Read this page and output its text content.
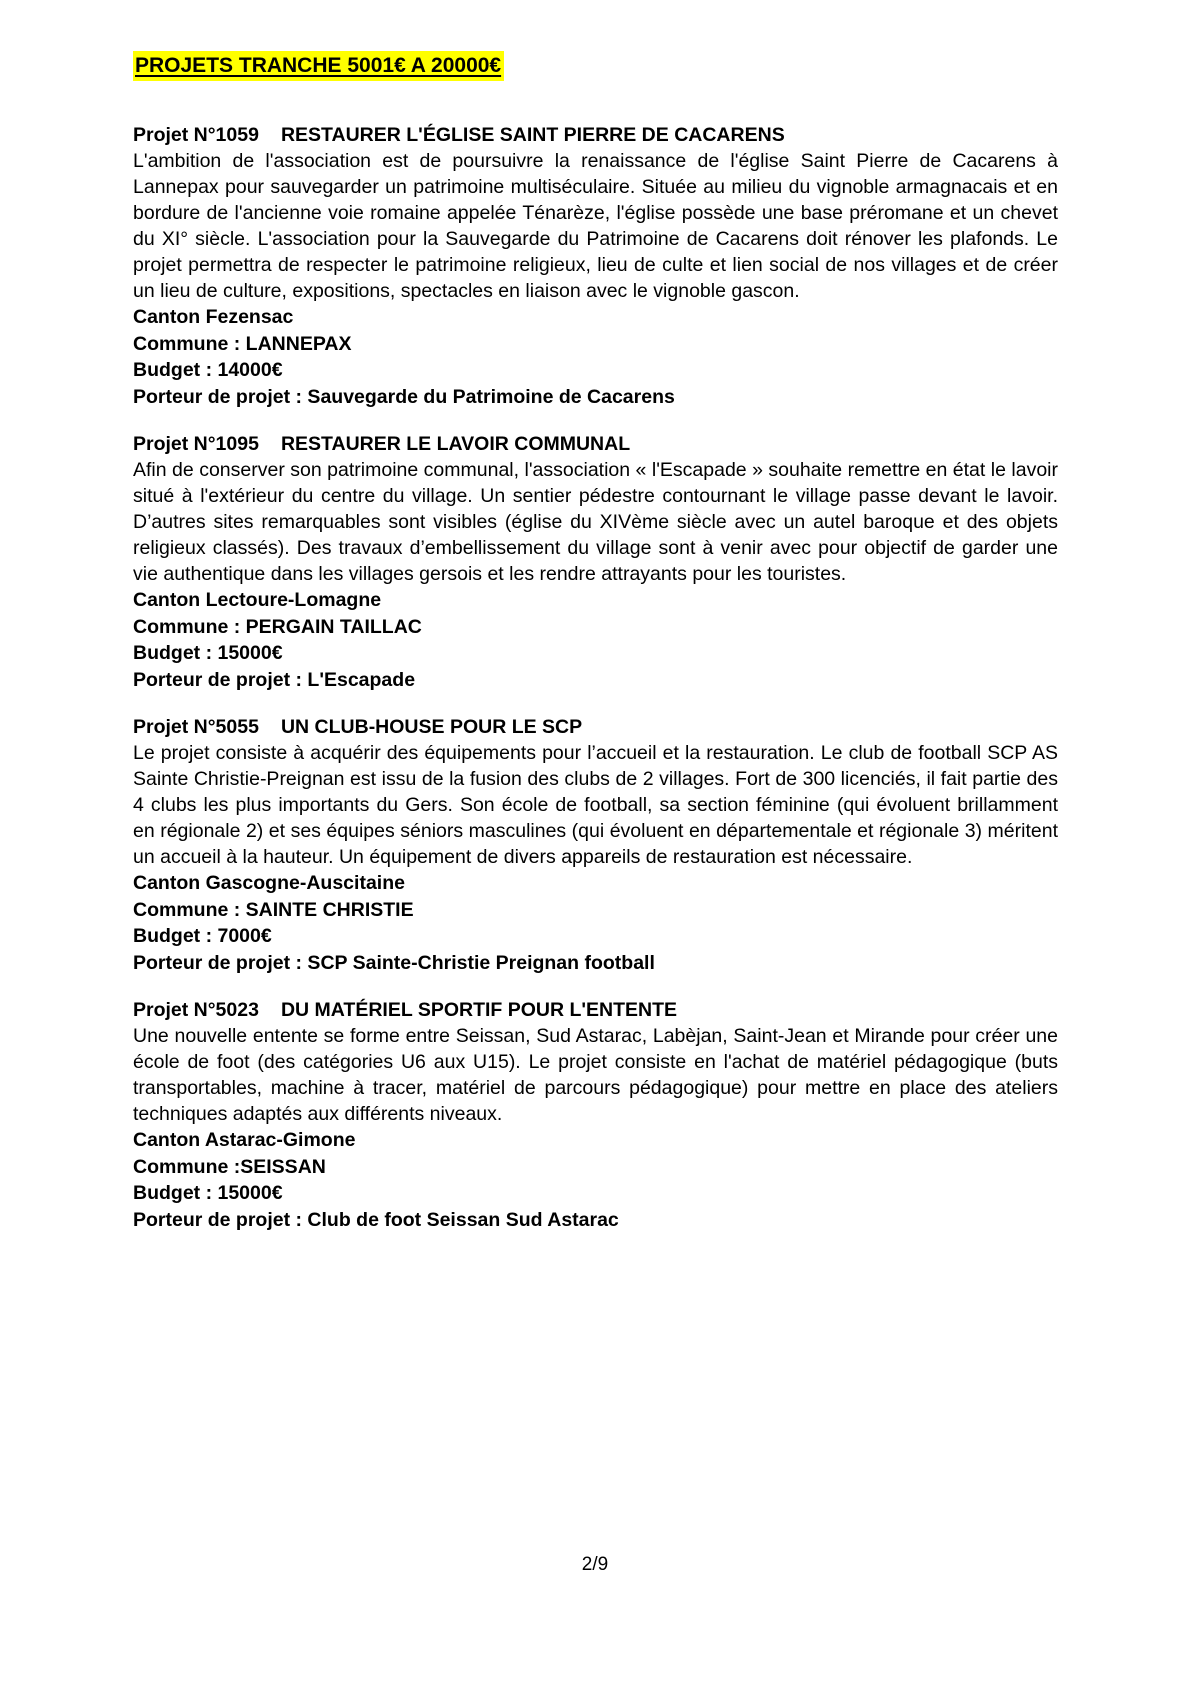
PROJETS TRANCHE 5001€ A 20000€
Projet N°1059 RESTAURER L'ÉGLISE SAINT PIERRE DE CACARENS

L'ambition de l'association est de poursuivre la renaissance de l'église Saint Pierre de Cacarens à Lannepax pour sauvegarder un patrimoine multiséculaire. Située au milieu du vignoble armagnacais et en bordure de l'ancienne voie romaine appelée Ténarèze, l'église possède une base préromane et un chevet du XI° siècle. L'association pour la Sauvegarde du Patrimoine de Cacarens doit rénover les plafonds. Le projet permettra de respecter le patrimoine religieux, lieu de culte et lien social de nos villages et de créer un lieu de culture, expositions, spectacles en liaison avec le vignoble gascon.

Canton Fezensac

Commune : LANNEPAX

Budget : 14000€

Porteur de projet : Sauvegarde du Patrimoine de Cacarens

Projet N°1095 RESTAURER LE LAVOIR COMMUNAL

Afin de conserver son patrimoine communal, l'association « l'Escapade » souhaite remettre en état le lavoir situé à l'extérieur du centre du village. Un sentier pédestre contournant le village passe devant le lavoir. D’autres sites remarquables sont visibles (église du XIVème siècle avec un autel baroque et des objets religieux classés). Des travaux d’embellissement du village sont à venir avec pour objectif de garder une vie authentique dans les villages gersois et les rendre attrayants pour les touristes.

Canton Lectoure-Lomagne

Commune : PERGAIN TAILLAC

Budget : 15000€

Porteur de projet : L'Escapade

Projet N°5055 UN CLUB-HOUSE POUR LE SCP

Le projet consiste à acquérir des équipements pour l’accueil et la restauration. Le club de football SCP AS Sainte Christie-Preignan est issu de la fusion des clubs de 2 villages. Fort de 300 licenciés, il fait partie des 4 clubs les plus importants du Gers. Son école de football, sa section féminine (qui évoluent brillamment en régionale 2) et ses équipes séniors masculines (qui évoluent en départementale et régionale 3) méritent un accueil à la hauteur. Un équipement de divers appareils de restauration est nécessaire.

Canton Gascogne-Auscitaine

Commune : SAINTE CHRISTIE

Budget : 7000€

Porteur de projet : SCP Sainte-Christie Preignan football

Projet N°5023 DU MATÉRIEL SPORTIF POUR L'ENTENTE

Une nouvelle entente se forme entre Seissan, Sud Astarac, Labèjan, Saint-Jean et Mirande pour créer une école de foot (des catégories U6 aux U15). Le projet consiste en l'achat de matériel pédagogique (buts transportables, machine à tracer, matériel de parcours pédagogique) pour mettre en place des ateliers techniques adaptés aux différents niveaux.

Canton Astarac-Gimone

Commune :SEISSAN

Budget : 15000€

Porteur de projet : Club de foot Seissan Sud Astarac

2/9
